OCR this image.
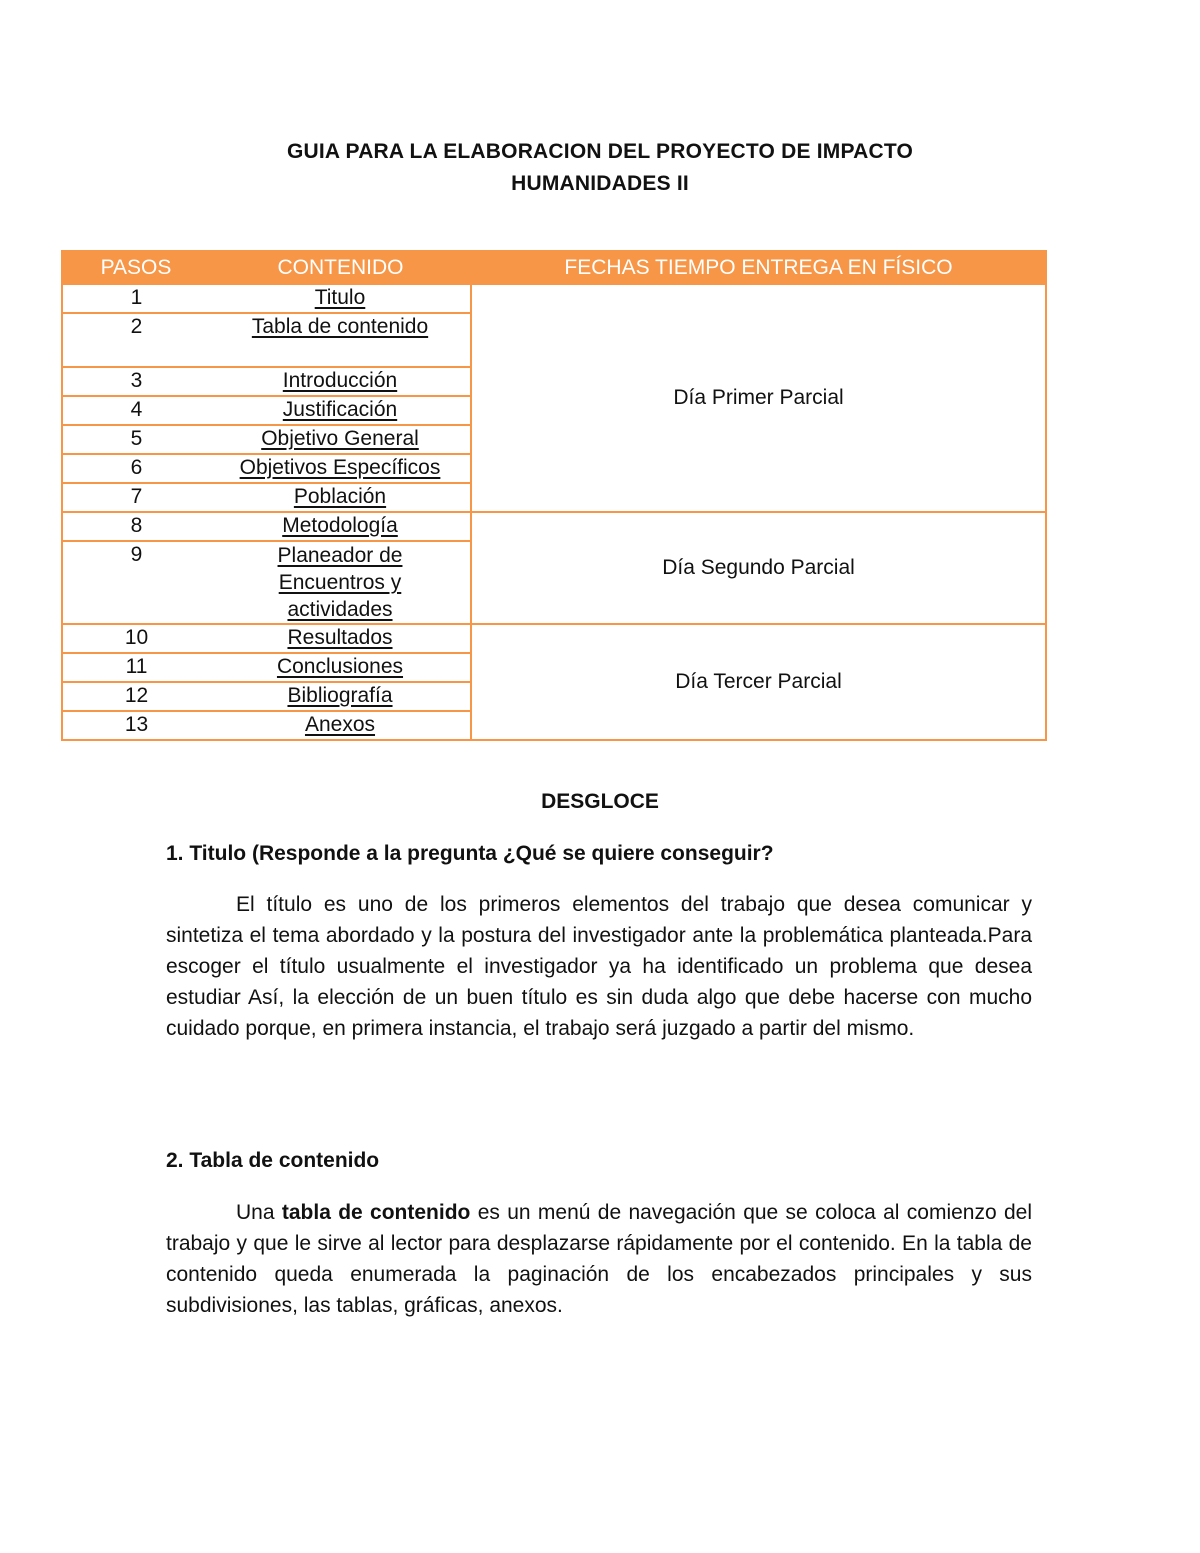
GUIA PARA LA ELABORACION DEL PROYECTO DE IMPACTO
HUMANIDADES II
PASOS	CONTENIDO	FECHAS TIEMPO ENTREGA EN FÍSICO
1	Titulo	Día Primer Parcial
2	Tabla de contenido	
3	Introducción	
4	Justificación	
5	Objetivo General	
6	Objetivos Específicos	
7	Población	
8	Metodología	Día Segundo Parcial
9	Planeador de Encuentros y actividades	
10	Resultados	Día Tercer Parcial
11	Conclusiones	
12	Bibliografía	
13	Anexos	
DESGLOCE
1. Titulo (Responde a la pregunta ¿Qué se quiere conseguir?

El título es uno de los primeros elementos del trabajo que desea comunicar y sintetiza el tema abordado y la postura del investigador ante la problemática planteada.Para escoger el título usualmente el investigador ya ha identificado un problema que desea estudiar Así, la elección de un buen título es sin duda algo que debe hacerse con mucho cuidado porque, en primera instancia, el trabajo será juzgado a partir del mismo.

2. Tabla de contenido

Una tabla de contenido es un menú de navegación que se coloca al comienzo del trabajo y que le sirve al lector para desplazarse rápidamente por el contenido. En la tabla de contenido queda enumerada la paginación de los encabezados principales y sus subdivisiones, las tablas, gráficas, anexos.
